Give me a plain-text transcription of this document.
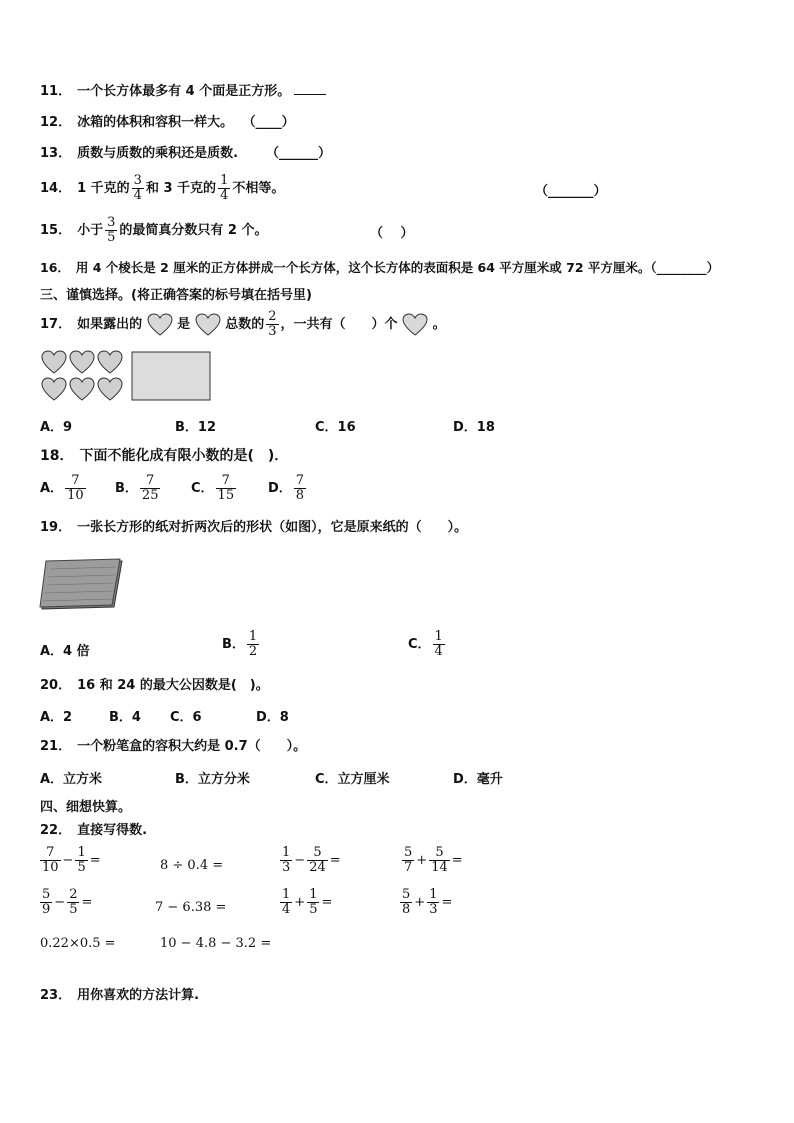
11． 一个长方体最多有 4 个面是正方形。
12． 冰箱的体积和容积一样大。 （____）
13． 质数与质数的乘积还是质数. （______）
14． 1 千克的 $\frac{3}{4}$ 和 3 千克的 $\frac{1}{4}$ 不相等。	（_______）
15． 小于 $\frac{3}{5}$ 的最简真分数只有 2 个。	（　 ）
16． 用 4 个棱长是 2 厘米的正方体拼成一个长方体，这个长方体的表面积是 64 平方厘米或 72 平方厘米。（________）
三、谨慎选择。(将正确答案的标号填在括号里)
17． 如果露出的	是	总数的 $\frac{2}{3}$ ，一共有（　　）个	。
A．9	B．12	C．16	D．18
18． 下面不能化成有限小数的是(　)．
A． $\frac{7}{10}$ B． $\frac{7}{25}$ C． $\frac{7}{15}$ D． $\frac{7}{8}$
19． 一张长方形的纸对折两次后的形状（如图），它是原来纸的（　　）。
A．4 倍	B． $\frac{1}{2}$	C． $\frac{1}{4}$
20． 16 和 24 的最大公因数是(　)。
A．2	B．4 C．6	D．8
21． 一个粉笔盒的容积大约是 0.7（　　）。
A．立方米	B．立方分米	C．立方厘米	D．毫升
四、细想快算。
22． 直接写得数.
$\frac{7}{10} - \frac{1}{5}$ =	8 ÷ 0.4 =	$\frac{1}{3} - \frac{5}{24}$ =	$\frac{5}{7} + \frac{5}{14}$ =
$\frac{5}{9} - \frac{2}{5}$ =	7 − 6.38 =	$\frac{1}{4} + \frac{1}{5}$ =	$\frac{5}{8} + \frac{1}{3}$ =
0.22×0.5 =	10 − 4.8 − 3.2 =
23． 用你喜欢的方法计算.
